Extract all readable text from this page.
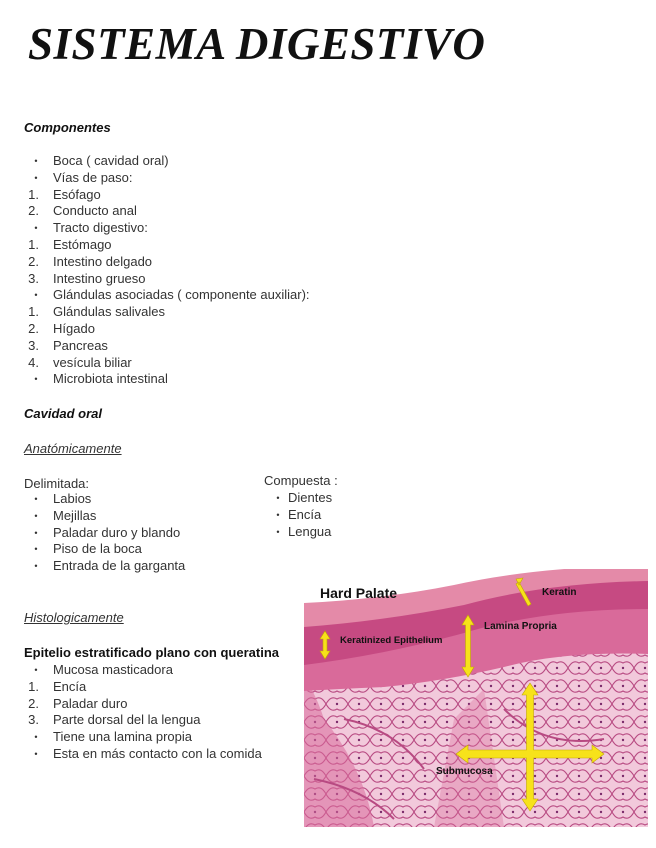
SISTEMA DIGESTIVO
Componentes
•	Boca ( cavidad oral)
•	Vías de paso:
1. Esófago
2. Conducto anal
•	Tracto digestivo:
1. Estómago
2. Intestino delgado
3. Intestino grueso
•	Glándulas asociadas ( componente auxiliar):
1. Glándulas salivales
2. Hígado
3. Pancreas
4. vesícula biliar
•	Microbiota intestinal
Cavidad oral
Anatómicamente
Delimitada:
•	Labios
•	Mejillas
•	Paladar duro y blando
•	Piso de la boca
•	Entrada de la garganta
Compuesta :
• Dientes
• Encía
• Lengua
Histologicamente
Epitelio estratificado plano con queratina
•	Mucosa masticadora
1. Encía
2. Paladar duro
3. Parte dorsal del la lengua
•	Tiene una lamina propia
•	Esta en más contacto con la comida
Hard Palate	Keratin
Lamina Propria
Keratinized Epithelium
Submucosa
